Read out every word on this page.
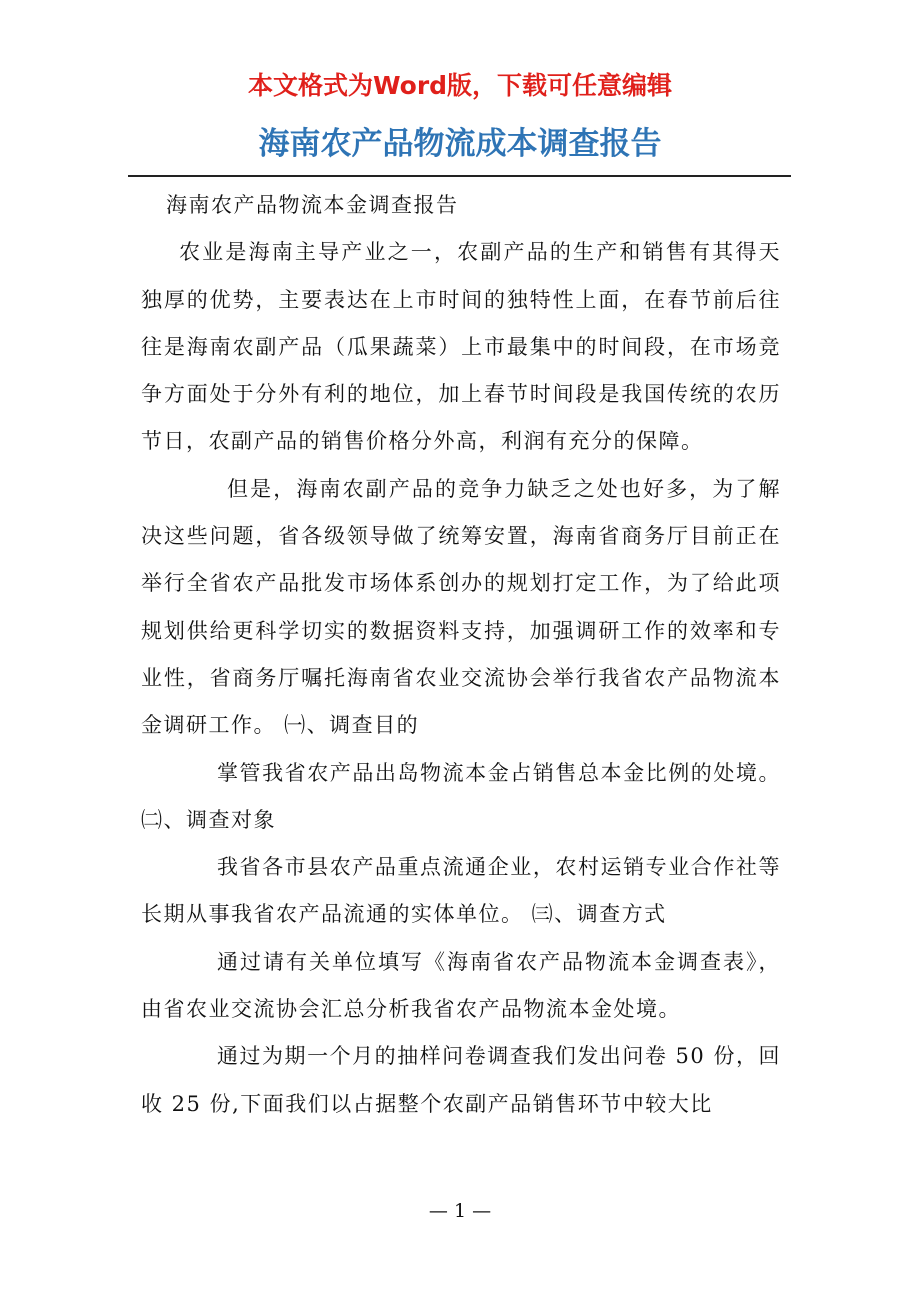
本文格式为Word版，下载可任意编辑
海南农产品物流成本调查报告

海南农产品物流本金调查报告

农业是海南主导产业之一，农副产品的生产和销售有其得天独厚的优势，主要表达在上市时间的独特性上面，在春节前后往往是海南农副产品（瓜果蔬菜）上市最集中的时间段，在市场竞争方面处于分外有利的地位，加上春节时间段是我国传统的农历节日，农副产品的销售价格分外高，利润有充分的保障。

但是，海南农副产品的竞争力缺乏之处也好多，为了解决这些问题，省各级领导做了统筹安置，海南省商务厅目前正在举行全省农产品批发市场体系创办的规划打定工作，为了给此项规划供给更科学切实的数据资料支持，加强调研工作的效率和专业性，省商务厅嘱托海南省农业交流协会举行我省农产品物流本金调研工作。 ㈠、调查目的

掌管我省农产品出岛物流本金占销售总本金比例的处境。 ㈡、调查对象

我省各市县农产品重点流通企业，农村运销专业合作社等长期从事我省农产品流通的实体单位。 ㈢、调查方式

通过请有关单位填写《海南省农产品物流本金调查表》，由省农业交流协会汇总分析我省农产品物流本金处境。

通过为期一个月的抽样问卷调查我们发出问卷 50 份，回收 25 份,下面我们以占据整个农副产品销售环节中较大比

— 1 —
